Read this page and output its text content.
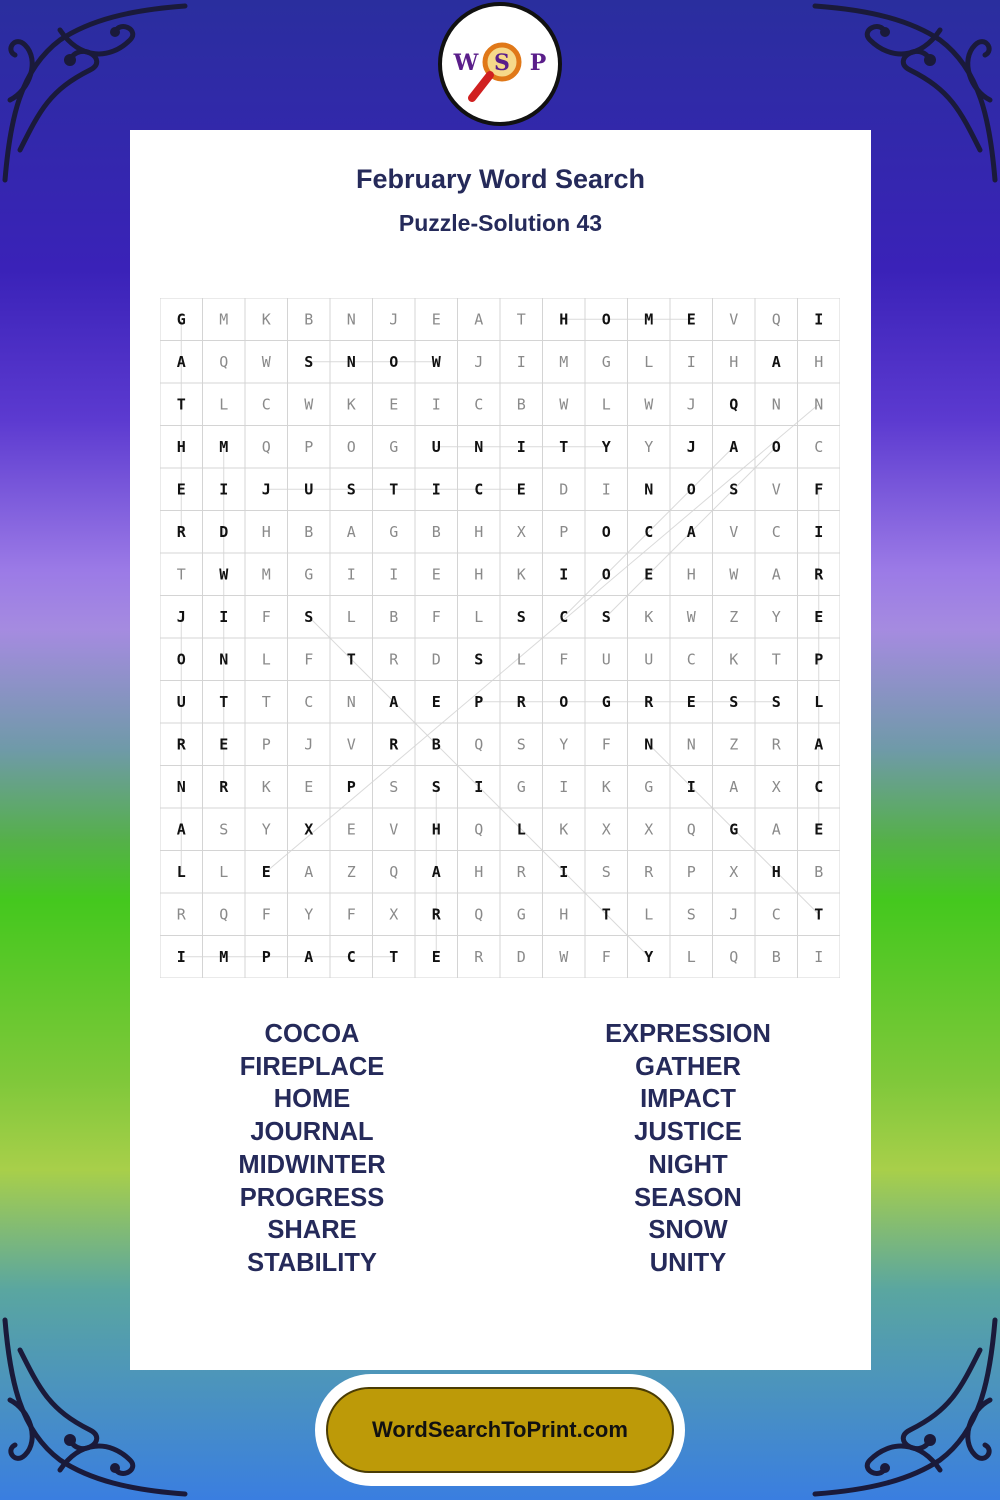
W S P
February Word Search
Puzzle-Solution 43
G M K B N J E A T H O M E V Q I
A Q W S N O W J I M G L I H A H
T L C W K E I C B W L W J Q N N
H M Q P O G U N I T Y Y J A O C
E I J U S T I C E D I N O S V F
R D H B A G B H X P O C A V C I
T W M G I I E H K I O E H W A R
J I F S L B F L S C S K W Z Y E
O N L F T R D S L F U U C K T P
U T T C N A E P R O G R E S S L
R E P J V R B Q S Y F N N Z R A
N R K E P S S I G I K G I A X C
A S Y X E V H Q L K X X Q G A E
L L E A Z Q A H R I S R P X H B
R Q F Y F X R Q G H T L S J C T
I M P A C T E R D W F Y L Q B I
COCOA
FIREPLACE
HOME
JOURNAL
MIDWINTER
PROGRESS
SHARE
STABILITY
EXPRESSION
GATHER
IMPACT
JUSTICE
NIGHT
SEASON
SNOW
UNITY
WordSearchToPrint.com
